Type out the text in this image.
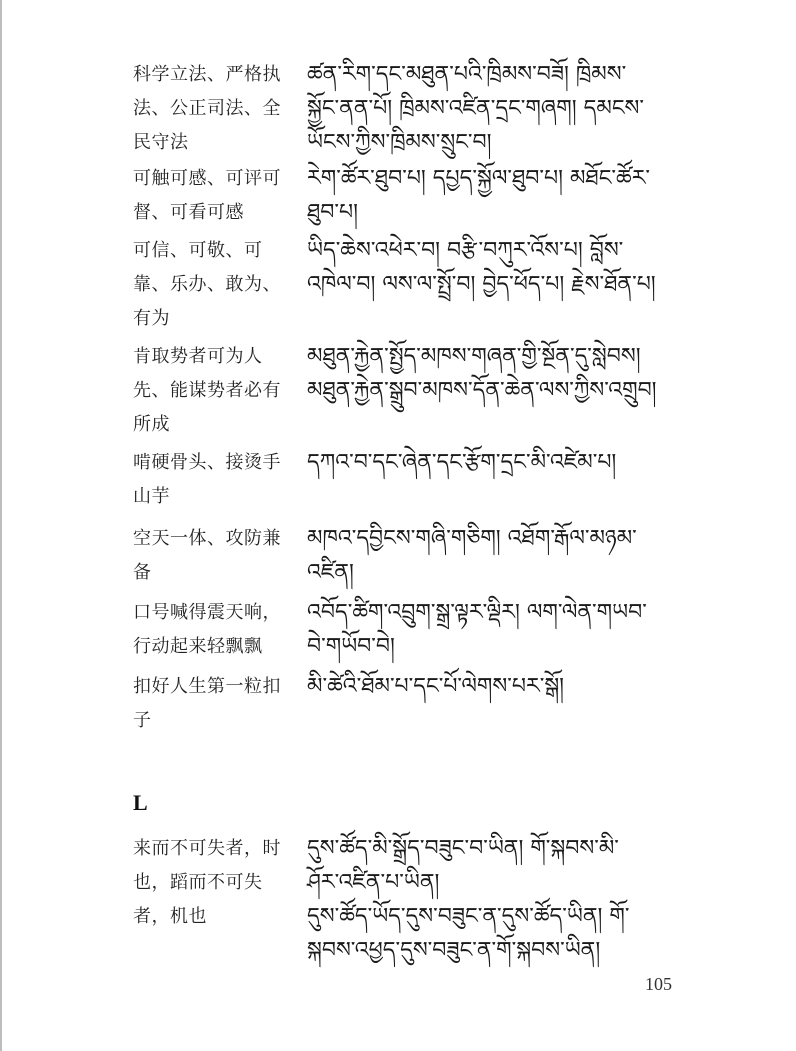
科学立法、严格执
法、公正司法、全
民守法
ཚན་རིག་དང་མཐུན་པའི་ཁྲིམས་བཟོ། ཁྲིམས་
སྐྱོང་ནན་པོ། ཁྲིམས་འཛིན་དྲང་གཞག། དམངས་
ཡོངས་ཀྱིས་ཁྲིམས་སྲུང་བ།
可触可感、可评可
督、可看可感
རེག་ཚོར་ཐུབ་པ། དཔྱད་སྐྱོལ་ཐུབ་པ། མཐོང་ཚོར་
ཐུབ་པ།
可信、可敬、可
靠、乐办、敢为、
有为
ཡིད་ཆེས་འཕེར་བ། བརྩི་བཀུར་འོས་པ། བློས་
འཁེལ་བ། ལས་ལ་སྤྲོ་བ། བྱེད་ཕོད་པ། རྗེས་ཐོན་པ།
肯取势者可为人
先、能谋势者必有
所成
མཐུན་རྐྱེན་སྤྱོད་མཁས་གཞན་གྱི་སྔོན་དུ་སླེབས།
མཐུན་རྐྱེན་སྒྲུབ་མཁས་དོན་ཆེན་ལས་ཀྱིས་འགྲུབ།
啃硬骨头、接烫手
山芋
དཀའ་བ་དང་ཞེན་དང་རྩོག་དྲང་མི་འཛེམ་པ།
空天一体、攻防兼
备
མཁའ་དབྱིངས་གཞི་གཅིག། འཐོག་རྒོལ་མཉམ་
འཛིན།
口号喊得震天响，
行动起来轻飘飘
འབོད་ཚིག་འབྲུག་སྒྲ་ལྟར་ལྡིར། ལག་ལེན་གཡབ་
བེ་གཡོབ་བེ།
扣好人生第一粒扣
子
མི་ཚེའི་ཐོམ་པ་དང་པོ་ལེགས་པར་སྒོ།
L
来而不可失者，时
也，蹈而不可失
者，机也
དུས་ཚོད་མི་སྒྲོད་བཟུང་བ་ཡིན། གོ་སྐབས་མི་
ཤོར་འཛིན་པ་ཡིན།
དུས་ཚོད་ཡོད་དུས་བཟུང་ན་དུས་ཚོད་ཡིན། གོ་
སྐབས་འཕྱད་དུས་བཟུང་ན་གོ་སྐབས་ཡིན།
105
